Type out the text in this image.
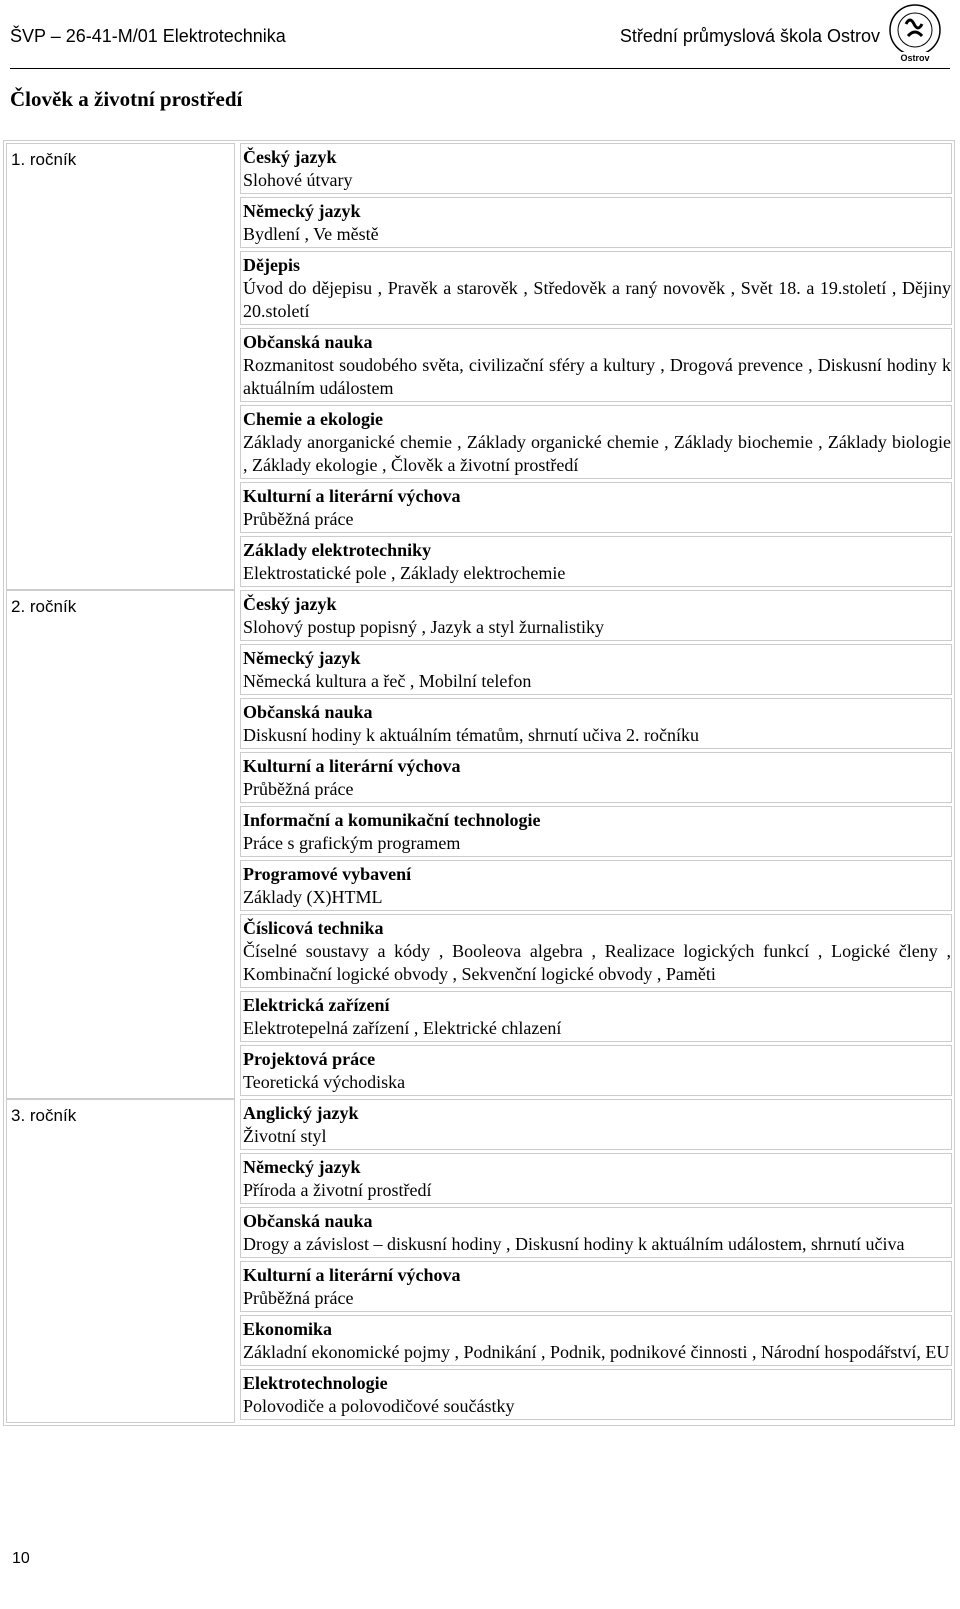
ŠVP – 26-41-M/01 Elektrotechnika	Střední průmyslová škola Ostrov
Ostrov
Člověk a životní prostředí
1. ročník	Český jazyk
Slohové útvary
Německý jazyk
Bydlení , Ve městě
Dějepis
Úvod do dějepisu , Pravěk a starověk , Středověk a raný novověk , Svět 18. a 19.století , Dějiny 20.století
Občanská nauka
Rozmanitost soudobého světa, civilizační sféry a kultury , Drogová prevence , Diskusní hodiny k aktuálním událostem
Chemie a ekologie
Základy anorganické chemie , Základy organické chemie , Základy biochemie , Základy biologie , Základy ekologie , Člověk a životní prostředí
Kulturní a literární výchova
Průběžná práce
Základy elektrotechniky
Elektrostatické pole , Základy elektrochemie
2. ročník	Český jazyk
Slohový postup popisný , Jazyk a styl žurnalistiky
Německý jazyk
Německá kultura a řeč , Mobilní telefon
Občanská nauka
Diskusní hodiny k aktuálním tématům, shrnutí učiva 2. ročníku
Kulturní a literární výchova
Průběžná práce
Informační a komunikační technologie
Práce s grafickým programem
Programové vybavení
Základy (X)HTML
Číslicová technika
Číselné soustavy a kódy , Booleova algebra , Realizace logických funkcí , Logické členy , Kombinační logické obvody , Sekvenční logické obvody , Paměti
Elektrická zařízení
Elektrotepelná zařízení , Elektrické chlazení
Projektová práce
Teoretická východiska
3. ročník	Anglický jazyk
Životní styl
Německý jazyk
Příroda a životní prostředí
Občanská nauka
Drogy a závislost – diskusní hodiny , Diskusní hodiny k aktuálním událostem, shrnutí učiva
Kulturní a literární výchova
Průběžná práce
Ekonomika
Základní ekonomické pojmy , Podnikání , Podnik, podnikové činnosti , Národní hospodářství, EU
Elektrotechnologie
Polovodiče a polovodičové součástky
10
